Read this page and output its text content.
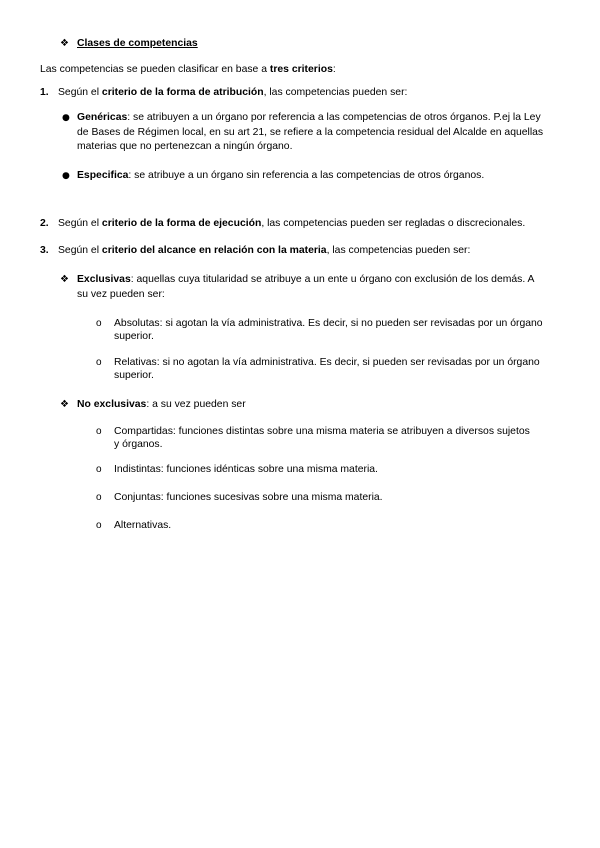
❖ Clases de competencias
Las competencias se pueden clasificar en base a tres criterios:
1. Según el criterio de la forma de atribución, las competencias pueden ser:
● Genéricas: se atribuyen a un órgano por referencia a las competencias de otros órganos. P.ej la Ley
de Bases de Régimen local, en su art 21, se refiere a la competencia residual del Alcalde en aquellas
materias que no pertenezcan a ningún órgano.
● Especifica: se atribuye a un órgano sin referencia a las competencias de otros órganos.
2. Según el criterio de la forma de ejecución, las competencias pueden ser regladas o discrecionales.
3. Según el criterio del alcance en relación con la materia, las competencias pueden ser:
❖ Exclusivas: aquellas cuya titularidad se atribuye a un ente u órgano con exclusión de los demás. A
su vez pueden ser:
o Absolutas: si agotan la vía administrativa. Es decir, si no pueden ser revisadas por un órgano
superior.
o Relativas: si no agotan la vía administrativa. Es decir, si pueden ser revisadas por un órgano
superior.
❖ No exclusivas: a su vez pueden ser
o Compartidas: funciones distintas sobre una misma materia se atribuyen a diversos sujetos
y órganos.
o Indistintas: funciones idénticas sobre una misma materia.
o Conjuntas: funciones sucesivas sobre una misma materia.
o Alternativas.
